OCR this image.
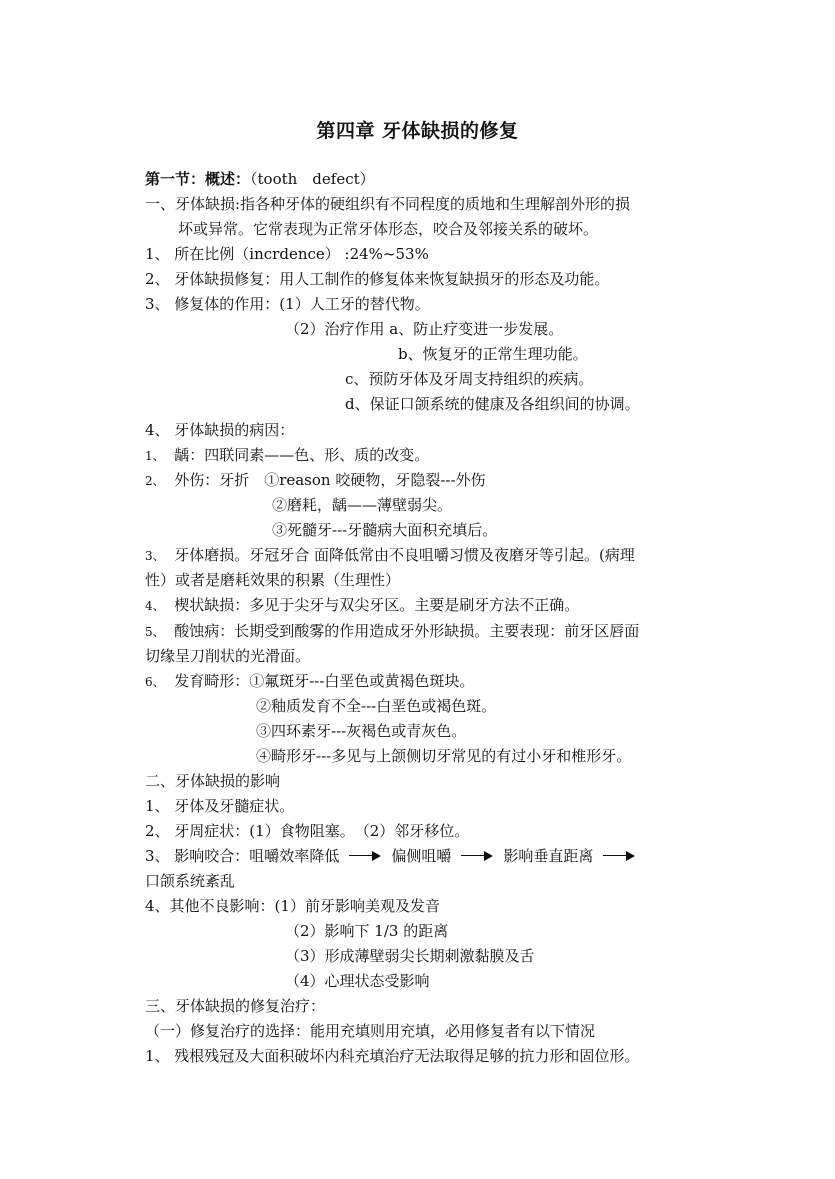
第四章 牙体缺损的修复
第一节：概述：（tooth　defect）
一、牙体缺损:指各种牙体的硬组织有不同程度的质地和生理解剖外形的损
坏或异常。它常表现为正常牙体形态，咬合及邻接关系的破坏。
1、 所在比例（incrdence） :24%~53%
2、 牙体缺损修复：用人工制作的修复体来恢复缺损牙的形态及功能。
3、 修复体的作用：(1）人工牙的替代物。
（2）治疗作用 a、防止疗变进一步发展。
b、恢复牙的正常生理功能。
c、预防牙体及牙周支持组织的疾病。
d、保证口颌系统的健康及各组织间的协调。
4、 牙体缺损的病因：
1、 龋：四联同素——色、形、质的改变。
2、 外伤：牙折　①reason 咬硬物，牙隐裂---外伤
②磨耗，龋——薄壁弱尖。
③死髓牙---牙髓病大面积充填后。
3、 牙体磨损。牙冠牙合 面降低常由不良咀嚼习惯及夜磨牙等引起。(病理
性）或者是磨耗效果的积累（生理性）
4、 楔状缺损：多见于尖牙与双尖牙区。主要是刷牙方法不正确。
5、 酸蚀病：长期受到酸雾的作用造成牙外形缺损。主要表现：前牙区唇面
切缘呈刀削状的光滑面。
6、 发育畸形：①氟斑牙---白垩色或黄褐色斑块。
②釉质发育不全---白垩色或褐色斑。
③四环素牙---灰褐色或青灰色。
④畸形牙---多见与上颌侧切牙常见的有过小牙和椎形牙。
二、牙体缺损的影响
1、 牙体及牙髓症状。
2、 牙周症状：(1）食物阻塞。　（2）邻牙移位。
3、 影响咬合：咀嚼效率降低	偏侧咀嚼	影响垂直距离
口颌系统紊乱
4、其他不良影响：(1）前牙影响美观及发音
（2）影响下 1/3 的距离
（3）形成薄壁弱尖长期刺激黏膜及舌
（4）心理状态受影响
三、牙体缺损的修复治疗：
（一）修复治疗的选择：能用充填则用充填，必用修复者有以下情况
1、 残根残冠及大面积破坏内科充填治疗无法取得足够的抗力形和固位形。
